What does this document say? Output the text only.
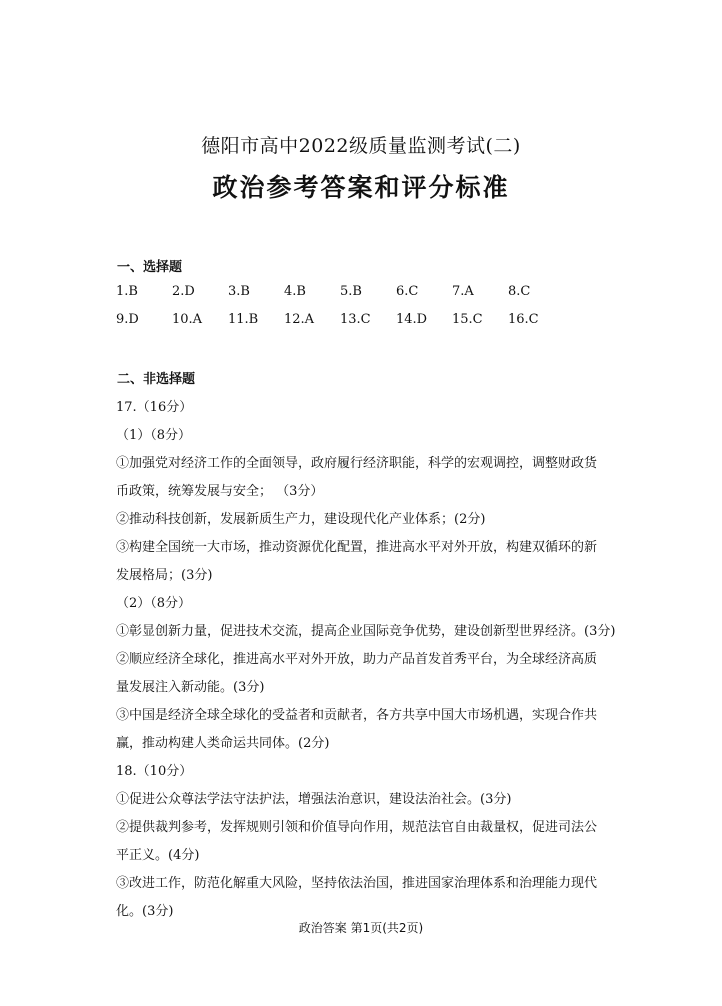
德阳市高中2022级质量监测考试(二)
政治参考答案和评分标准
一、选择题
1.B	2.D	3.B	4.B	5.B	6.C	7.A	8.C
9.D	10.A 11.B 12.A 13.C 14.D 15.C 16.C
二、非选择题
17.（16分）
（1）（8分）
①加强党对经济工作的全面领导，政府履行经济职能，科学的宏观调控，调整财政货
币政策，统筹发展与安全； （3分）
②推动科技创新，发展新质生产力，建设现代化产业体系；(2分)
③构建全国统一大市场，推动资源优化配置，推进高水平对外开放，构建双循环的新
发展格局；(3分)
（2）（8分）
①彰显创新力量，促进技术交流，提高企业国际竞争优势，建设创新型世界经济。(3分)
②顺应经济全球化，推进高水平对外开放，助力产品首发首秀平台，为全球经济高质
量发展注入新动能。(3分)
③中国是经济全球全球化的受益者和贡献者，各方共享中国大市场机遇，实现合作共
赢，推动构建人类命运共同体。(2分)
18.（10分）
①促进公众尊法学法守法护法，增强法治意识，建设法治社会。(3分)
②提供裁判参考，发挥规则引领和价值导向作用，规范法官自由裁量权，促进司法公
平正义。(4分)
③改进工作，防范化解重大风险，坚持依法治国，推进国家治理体系和治理能力现代
化。(3分)
政治答案 第1页(共2页)
